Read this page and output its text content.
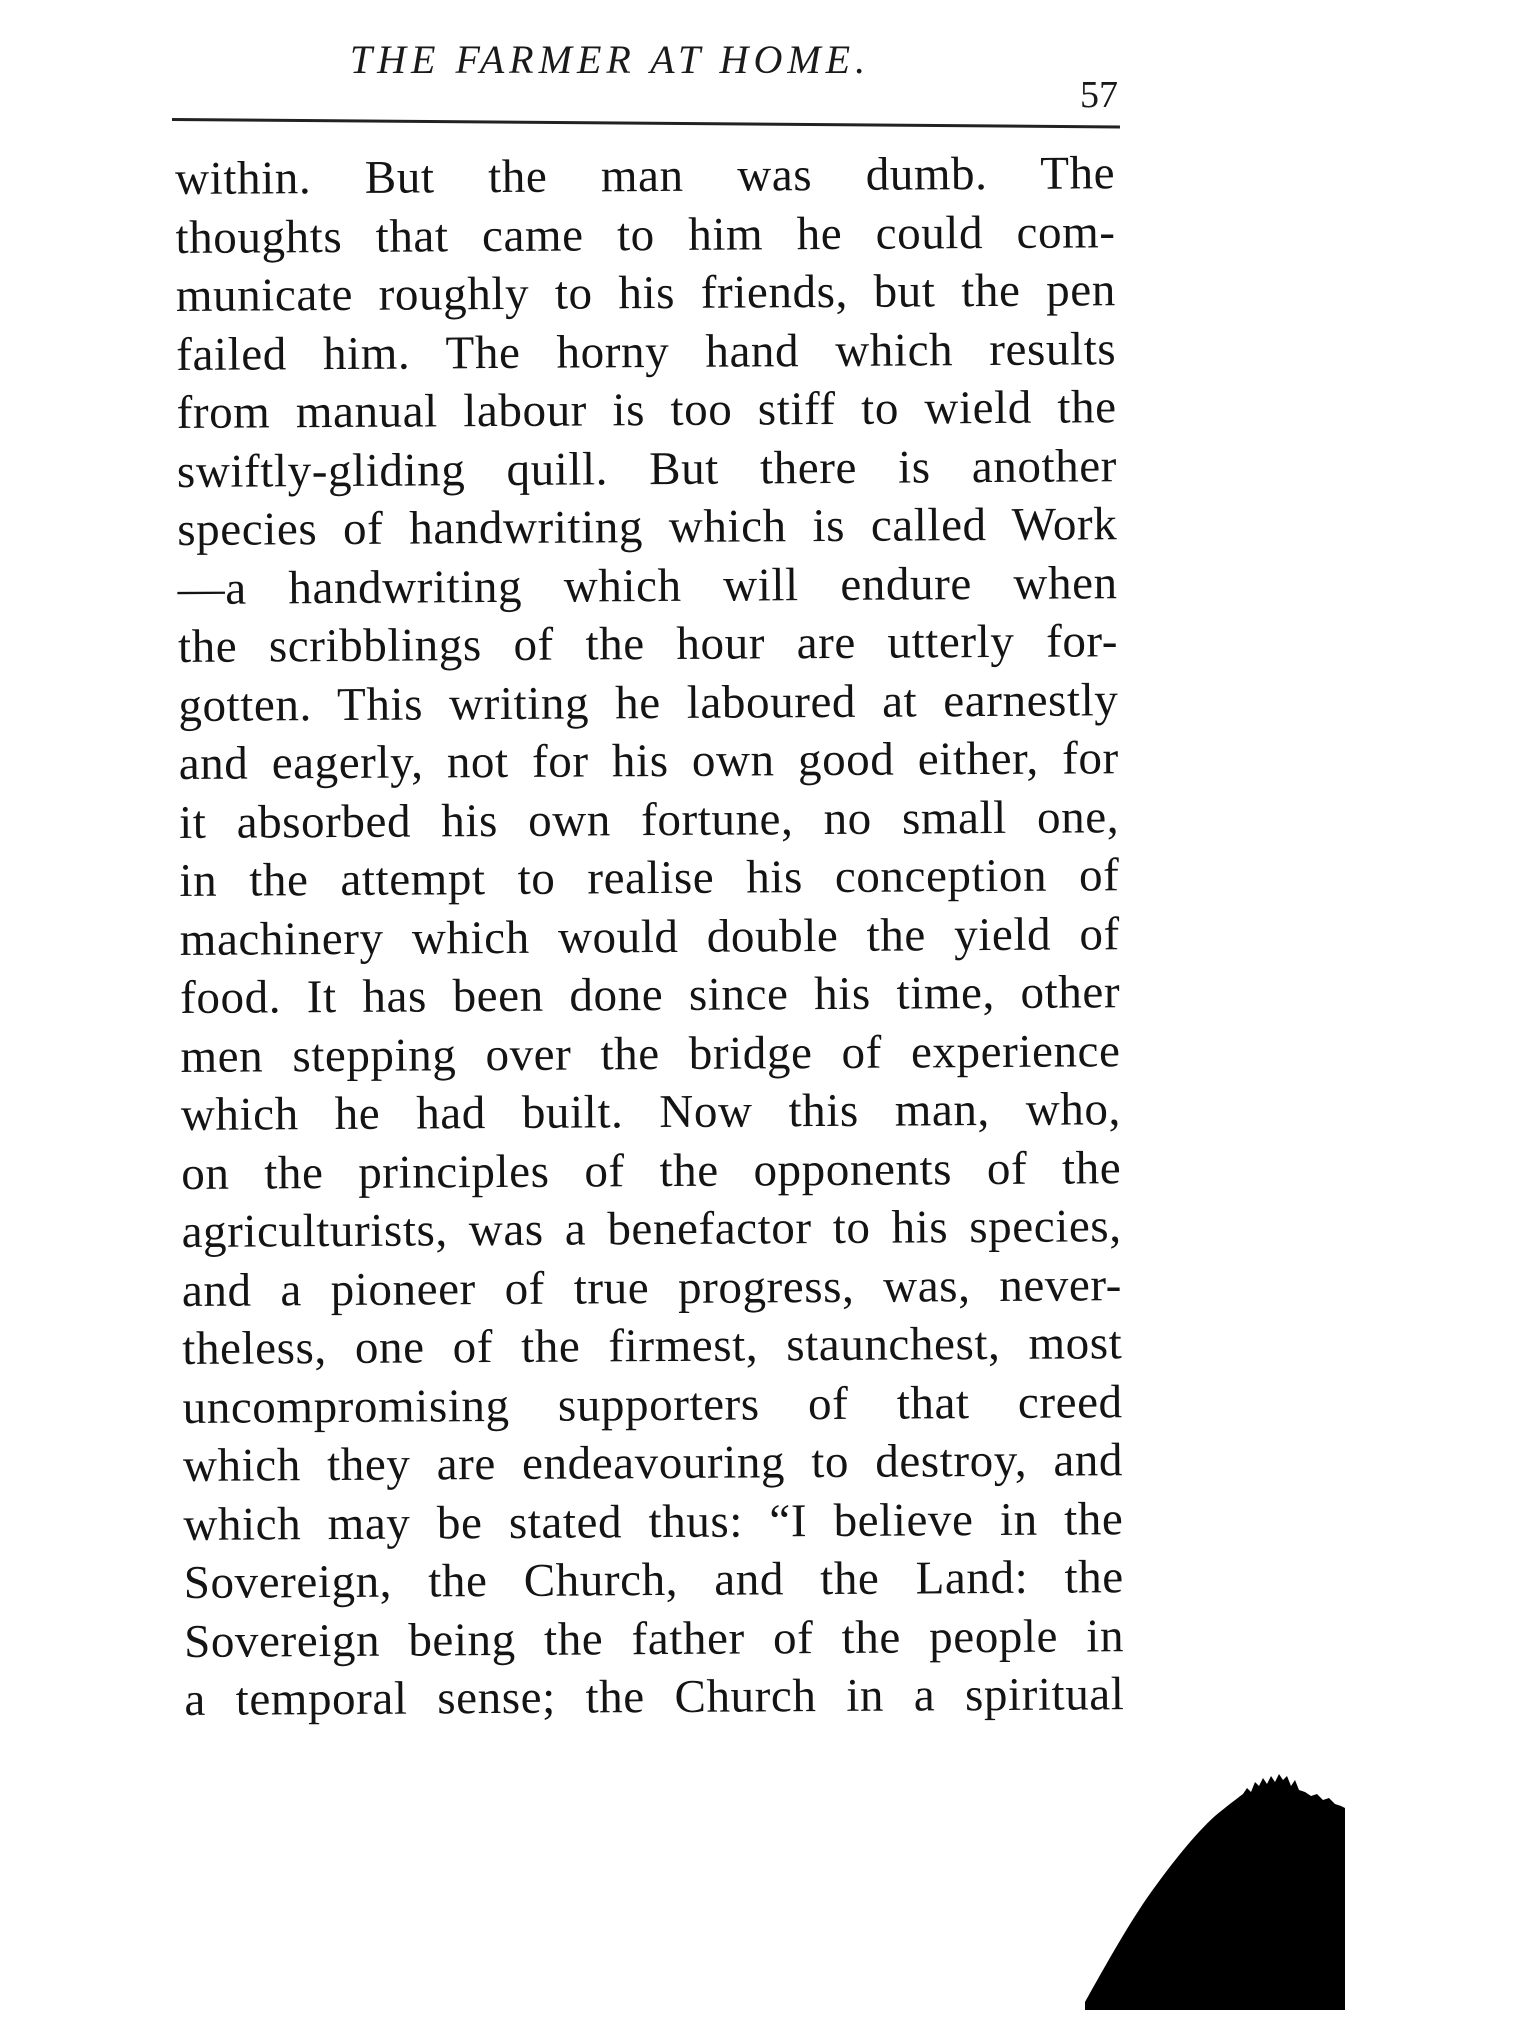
THE FARMER AT HOME.
57
within. But the man was dumb. The
thoughts that came to him he could com-
municate roughly to his friends, but the pen
failed him. The horny hand which results
from manual labour is too stiff to wield the
swiftly-gliding quill. But there is another
species of handwriting which is called Work
—a handwriting which will endure when
the scribblings of the hour are utterly for-
gotten. This writing he laboured at earnestly
and eagerly, not for his own good either, for
it absorbed his own fortune, no small one,
in the attempt to realise his conception of
machinery which would double the yield of
food. It has been done since his time, other
men stepping over the bridge of experience
which he had built. Now this man, who,
on the principles of the opponents of the
agriculturists, was a benefactor to his species,
and a pioneer of true progress, was, never-
theless, one of the firmest, staunchest, most
uncompromising supporters of that creed
which they are endeavouring to destroy, and
which may be stated thus: “I believe in the
Sovereign, the Church, and the Land: the
Sovereign being the father of the people in
a temporal sense; the Church in a spiritual
